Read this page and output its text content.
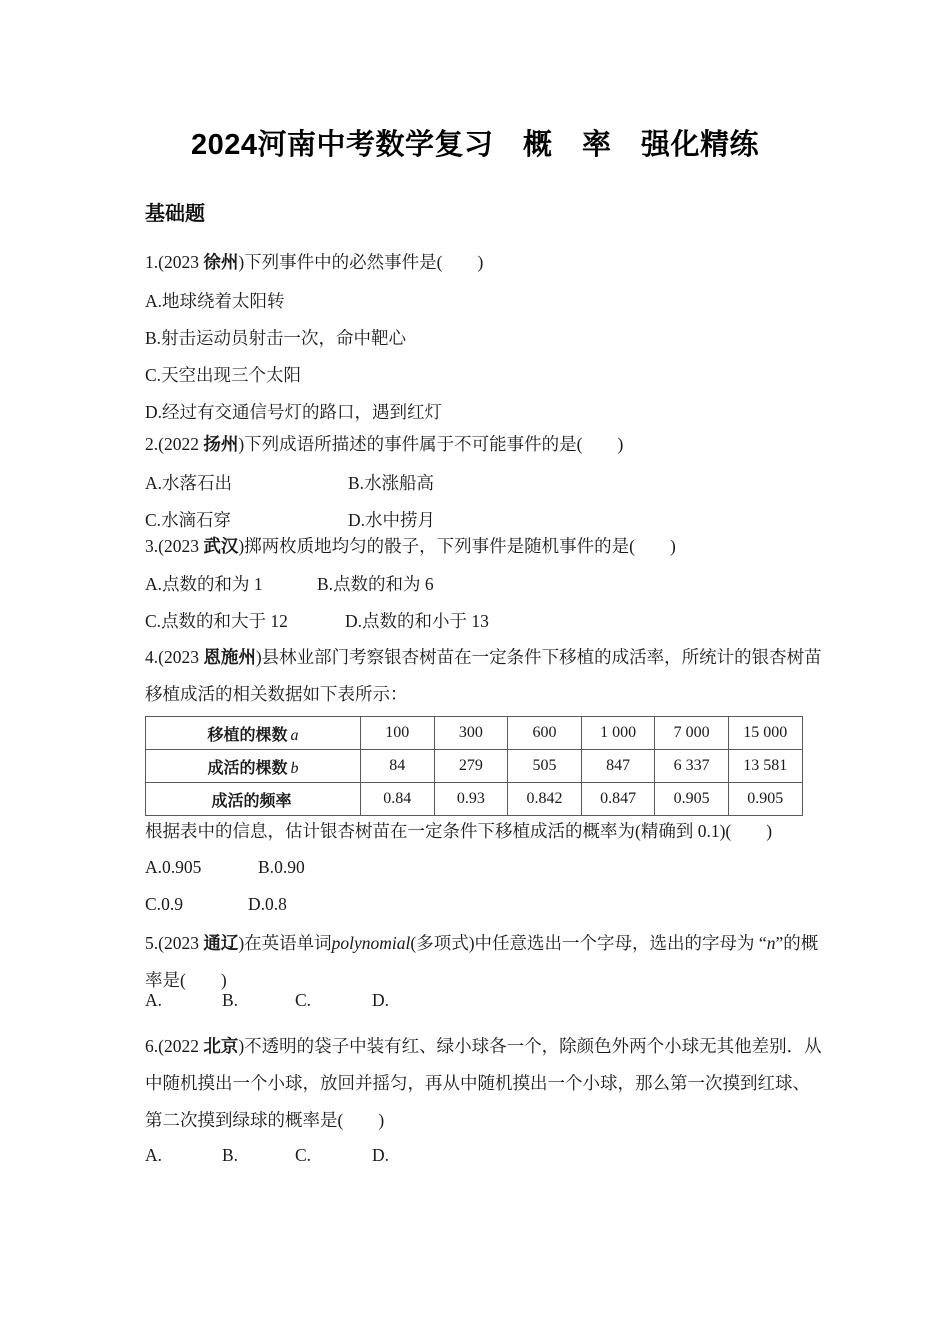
2024河南中考数学复习　概　率　强化精练
基础题
1.(2023 徐州)下列事件中的必然事件是(　　)
A.地球绕着太阳转
B.射击运动员射击一次，命中靶心
C.天空出现三个太阳
D.经过有交通信号灯的路口，遇到红灯
2.(2022 扬州)下列成语所描述的事件属于不可能事件的是(　　)
A.水落石出	B.水涨船高
C.水滴石穿	D.水中捞月
3.(2023 武汉)掷两枚质地均匀的骰子，下列事件是随机事件的是(　　)
A.点数的和为 1	B.点数的和为 6
C.点数的和大于 12	D.点数的和小于 13
4.(2023 恩施州)县林业部门考察银杏树苗在一定条件下移植的成活率，所统计的银杏树苗移植成活的相关数据如下表所示：
移植的棵数 a	100	300	600	1 000	7 000	15 000
成活的棵数 b	84	279	505	847	6 337	13 581
成活的频率	0.84	0.93	0.842	0.847	0.905	0.905
根据表中的信息，估计银杏树苗在一定条件下移植成活的概率为(精确到 0.1)(　　)
A.0.905	B.0.90
C.0.9	D.0.8
5.(2023 通辽)在英语单词polynomial(多项式)中任意选出一个字母，选出的字母为 “n”的概率是(　　)
A.	B.	C.	D.
6.(2022 北京)不透明的袋子中装有红、绿小球各一个，除颜色外两个小球无其他差别．从中随机摸出一个小球，放回并摇匀，再从中随机摸出一个小球，那么第一次摸到红球、第二次摸到绿球的概率是(　　)
A.	B.	C.	D.
